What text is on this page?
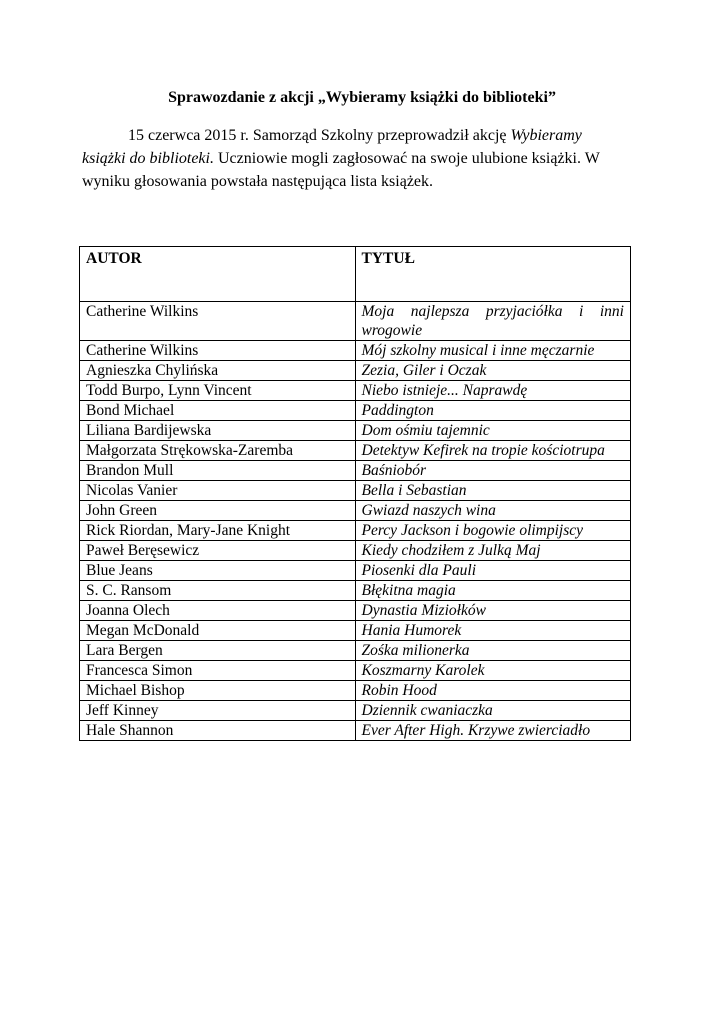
Sprawozdanie z akcji „Wybieramy książki do biblioteki”

15 czerwca 2015 r. Samorząd Szkolny przeprowadził akcję Wybieramy książki do biblioteki. Uczniowie mogli zagłosować na swoje ulubione książki. W wyniku głosowania powstała następująca lista książek.

AUTOR	TYTUŁ
Catherine Wilkins	Moja najlepsza przyjaciółka i inni wrogowie
Catherine Wilkins	Mój szkolny musical i inne męczarnie
Agnieszka Chylińska	Zezia, Giler i Oczak
Todd Burpo, Lynn Vincent	Niebo istnieje... Naprawdę
Bond Michael	Paddington
Liliana Bardijewska	Dom ośmiu tajemnic
Małgorzata Strękowska-Zaremba	Detektyw Kefirek na tropie kościotrupa
Brandon Mull	Baśniobór
Nicolas Vanier	Bella i Sebastian
John Green	Gwiazd naszych wina
Rick Riordan, Mary-Jane Knight	Percy Jackson i bogowie olimpijscy
Paweł Beręsewicz	Kiedy chodziłem z Julką Maj
Blue Jeans	Piosenki dla Pauli
S. C. Ransom	Błękitna magia
Joanna Olech	Dynastia Miziołków
Megan McDonald	Hania Humorek
Lara Bergen	Zośka milionerka
Francesca Simon	Koszmarny Karolek
Michael Bishop	Robin Hood
Jeff Kinney	Dziennik cwaniaczka
Hale Shannon	Ever After High. Krzywe zwierciadło
